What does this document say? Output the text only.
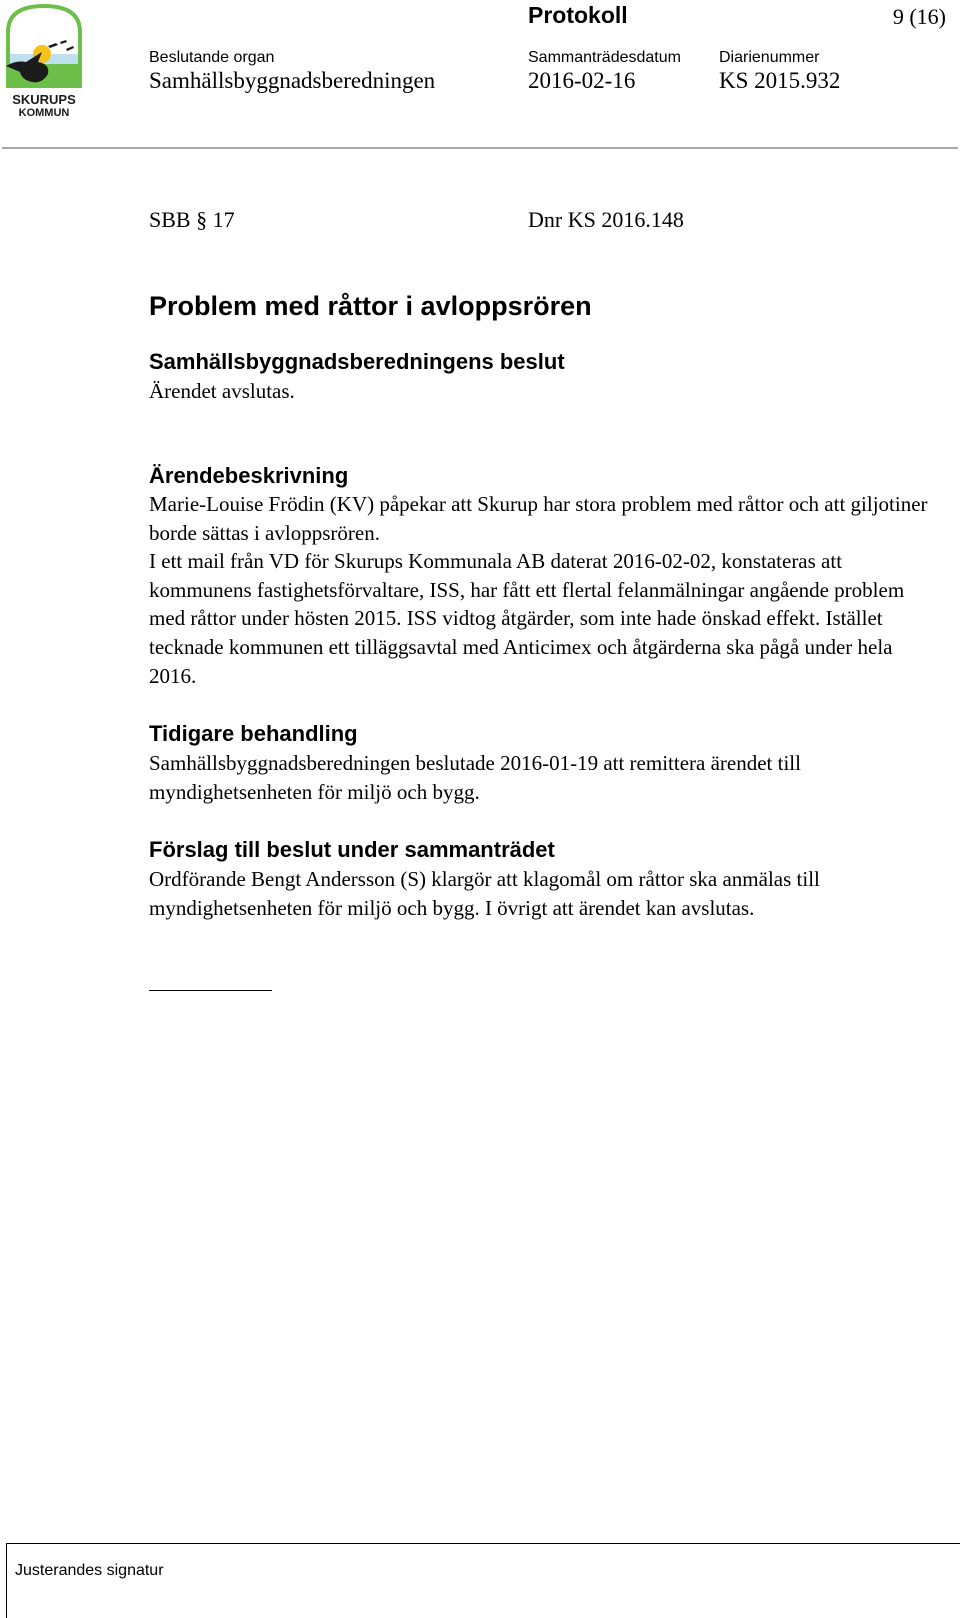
SKURUPS
KOMMUN
Protokoll	9 (16)
Beslutande organ
Samhällsbyggnadsberedningen
Sammanträdesdatum
2016-02-16
Diarienummer
KS 2015.932
SBB § 17	Dnr KS 2016.148
Problem med råttor i avloppsrören
Samhällsbyggnadsberedningens beslut

Ärendet avslutas.

Ärendebeskrivning

Marie-Louise Frödin (KV) påpekar att Skurup har stora problem med råttor och att giljotiner borde sättas i avloppsrören.

I ett mail från VD för Skurups Kommunala AB daterat 2016-02-02, konstateras att kommunens fastighetsförvaltare, ISS, har fått ett flertal felanmälningar angående problem med råttor under hösten 2015. ISS vidtog åtgärder, som inte hade önskad effekt. Istället tecknade kommunen ett tilläggsavtal med Anticimex och åtgärderna ska pågå under hela 2016.

Tidigare behandling

Samhällsbyggnadsberedningen beslutade 2016-01-19 att remittera ärendet till myndighetsenheten för miljö och bygg.

Förslag till beslut under sammanträdet

Ordförande Bengt Andersson (S) klargör att klagomål om råttor ska anmälas till myndighetsenheten för miljö och bygg. I övrigt att ärendet kan avslutas.

Justerandes signatur
